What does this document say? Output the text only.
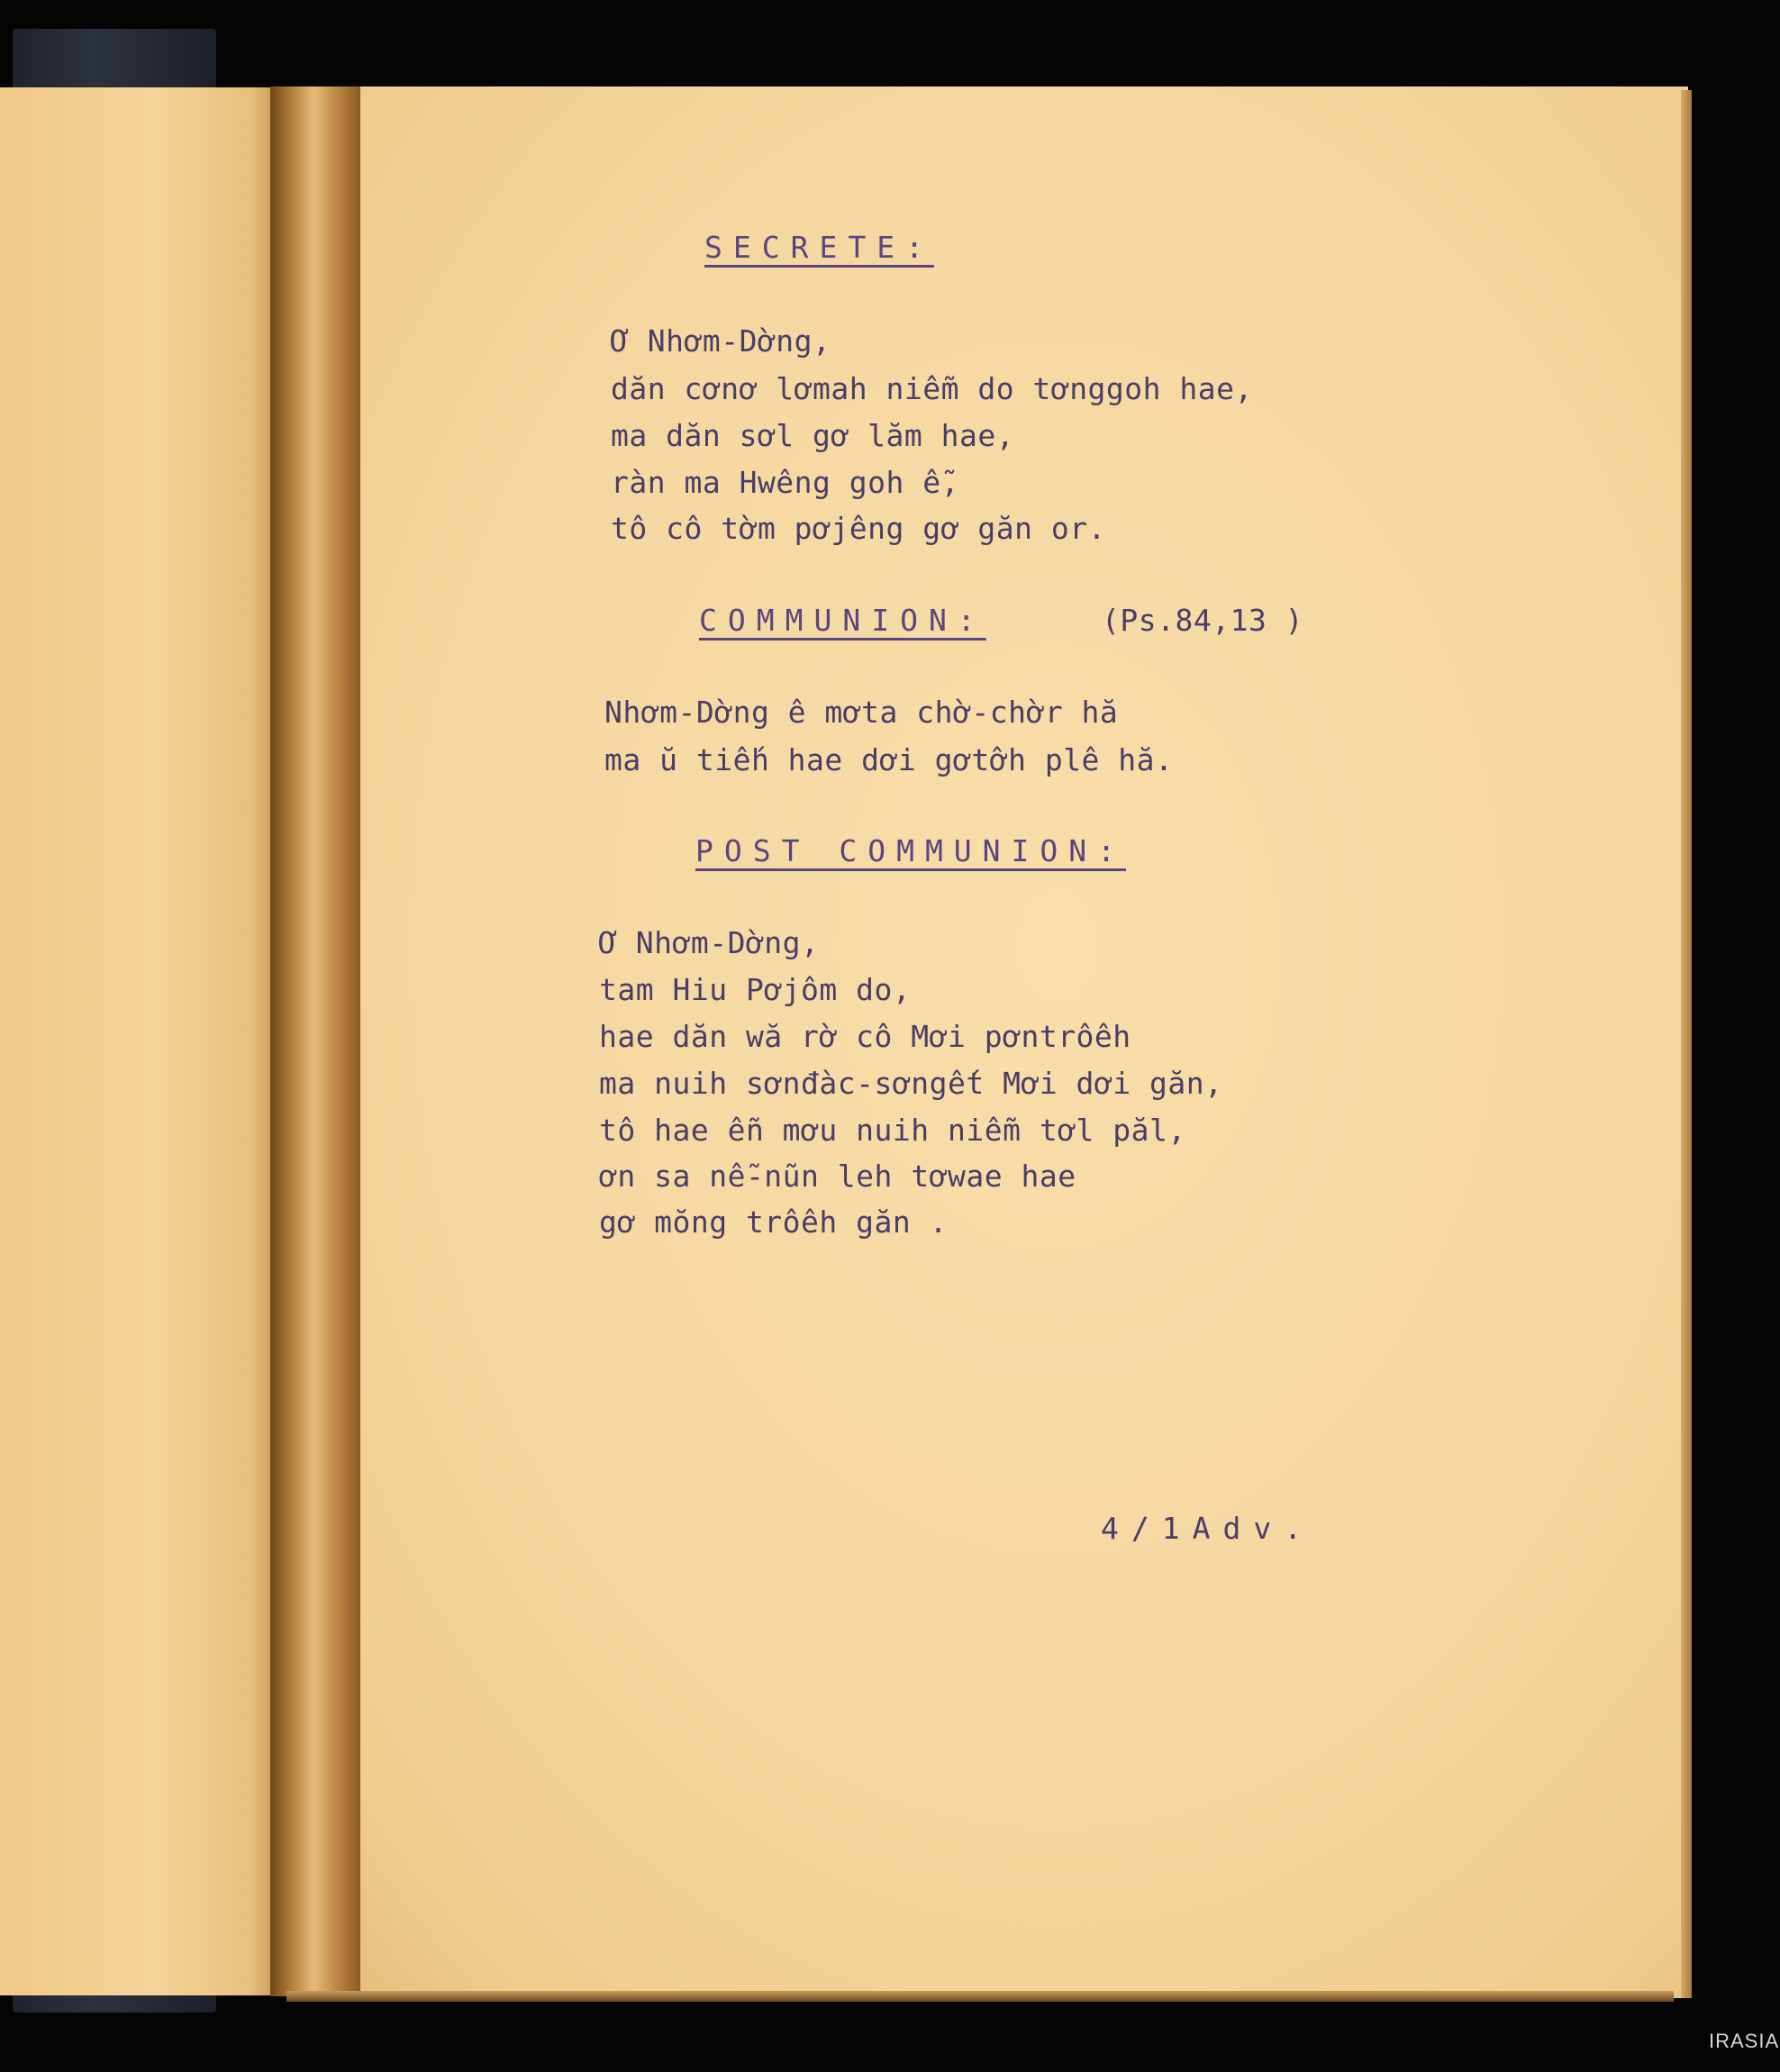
SECRETE:
Ơ Nhơm-Dờng,
dăn cơnơ lơmah niễm do tơnggoh hae,
ma dăn sơl gơ lăm hae,
ràn ma Hwêng goh ễ,
tô cô tờm pơjêng gơ găn or.
COMMUNION:	(Ps.84,13 )
Nhơm-Dờng ê mơta chờ-chờr hă
ma ŭ tiếh hae dơi gơtơ̂h plê hă.
POST COMMUNION:
Ơ Nhơm-Dờng,
tam Hiu Pơjôm do,
hae dăn wă rờ cô Mơi pơntrôêh
ma nuih sơnđàc-sơngết Mơi dơi găn,
tô hae ễn mơu nuih niễm tơl păl,
ơn sa nễ-nũn leh tơwae hae
gơ mŏng trôêh găn .
4/1Adv.
IRASIA
